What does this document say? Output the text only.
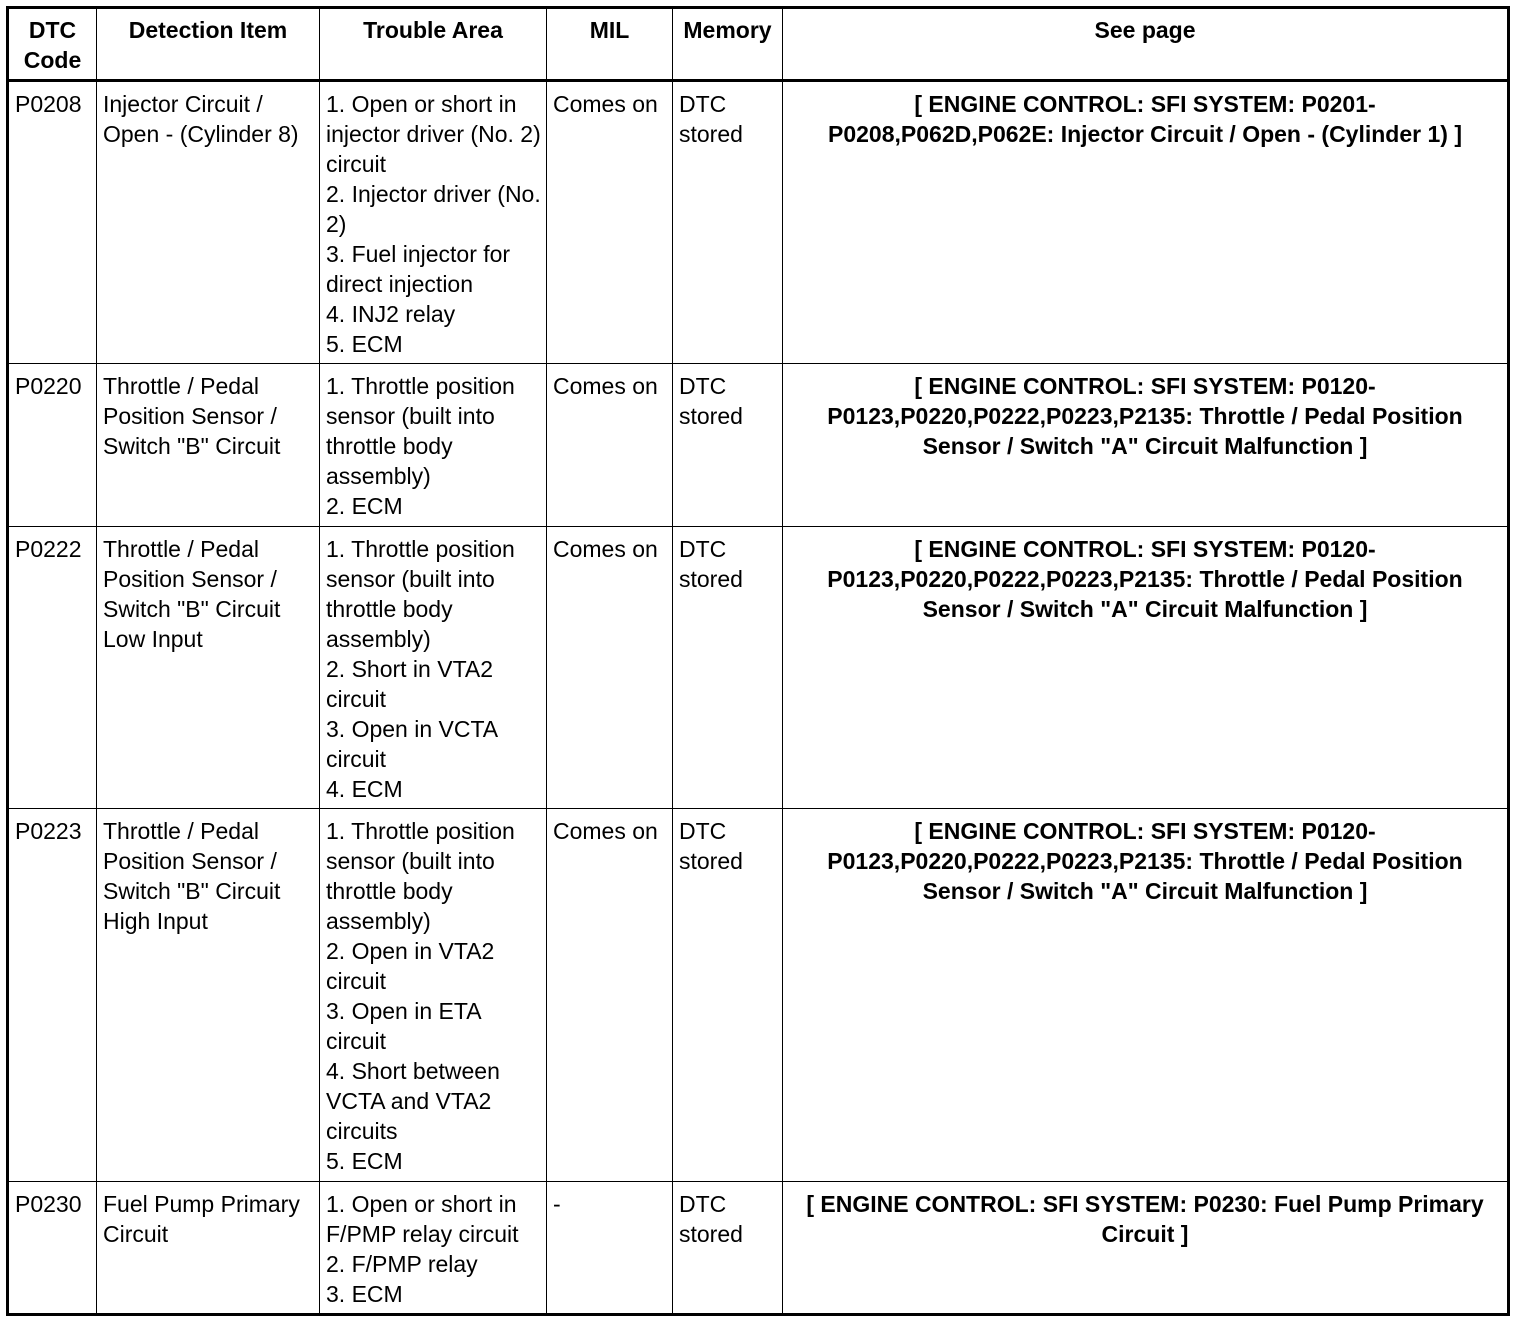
DTC Code	Detection Item	Trouble Area	MIL	Memory	See page
P0208	Injector Circuit / Open - (Cylinder 8)	1. Open or short in injector driver (No. 2) circuit
2. Injector driver (No. 2)
3. Fuel injector for direct injection
4. INJ2 relay
5. ECM	Comes on	DTC stored	[ ENGINE CONTROL: SFI SYSTEM: P0201-P0208,P062D,P062E: Injector Circuit / Open - (Cylinder 1) ]
P0220	Throttle / Pedal Position Sensor / Switch "B" Circuit	1. Throttle position sensor (built into throttle body assembly)
2. ECM	Comes on	DTC stored	[ ENGINE CONTROL: SFI SYSTEM: P0120-P0123,P0220,P0222,P0223,P2135: Throttle / Pedal Position Sensor / Switch "A" Circuit Malfunction ]
P0222	Throttle / Pedal Position Sensor / Switch "B" Circuit Low Input	1. Throttle position sensor (built into throttle body assembly)
2. Short in VTA2 circuit
3. Open in VCTA circuit
4. ECM	Comes on	DTC stored	[ ENGINE CONTROL: SFI SYSTEM: P0120-P0123,P0220,P0222,P0223,P2135: Throttle / Pedal Position Sensor / Switch "A" Circuit Malfunction ]
P0223	Throttle / Pedal Position Sensor / Switch "B" Circuit High Input	1. Throttle position sensor (built into throttle body assembly)
2. Open in VTA2 circuit
3. Open in ETA circuit
4. Short between VCTA and VTA2 circuits
5. ECM	Comes on	DTC stored	[ ENGINE CONTROL: SFI SYSTEM: P0120-P0123,P0220,P0222,P0223,P2135: Throttle / Pedal Position Sensor / Switch "A" Circuit Malfunction ]
P0230	Fuel Pump Primary Circuit	1. Open or short in F/PMP relay circuit
2. F/PMP relay
3. ECM	-	DTC stored	[ ENGINE CONTROL: SFI SYSTEM: P0230: Fuel Pump Primary Circuit ]
